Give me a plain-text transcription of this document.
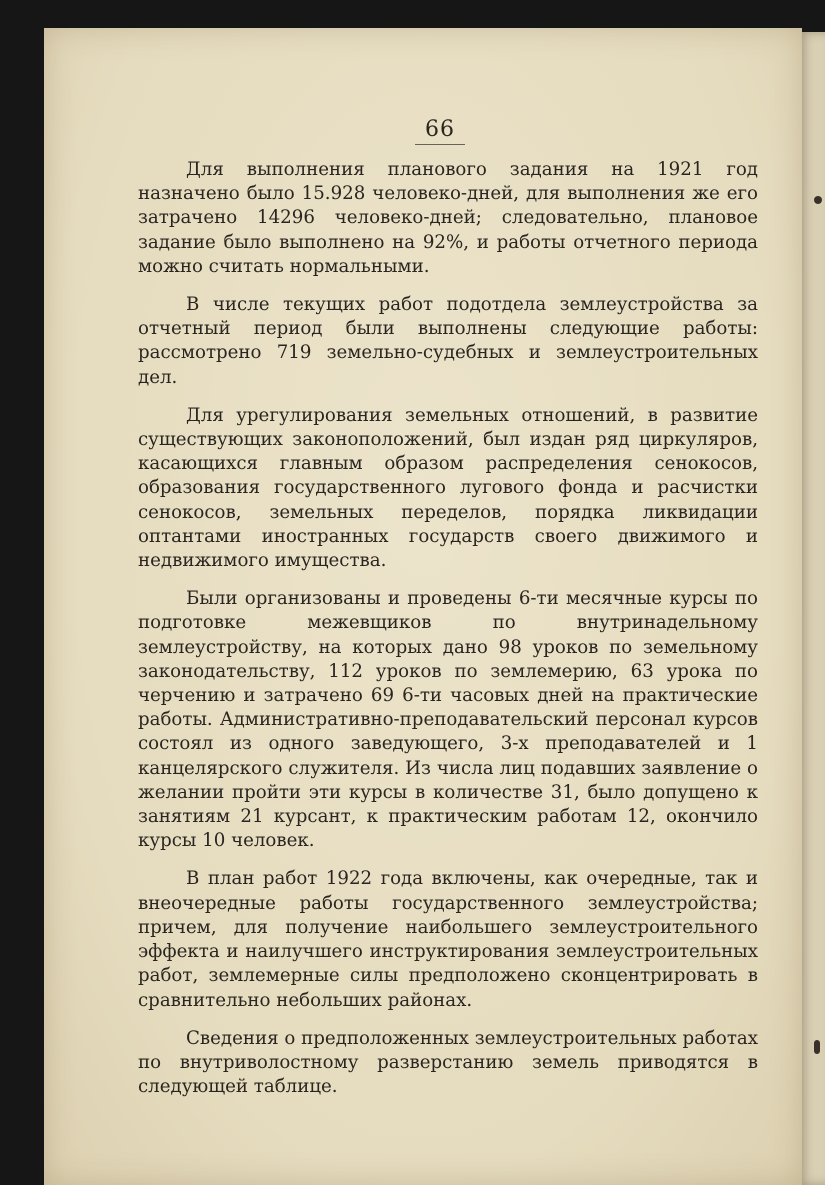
66

Для выполнения планового задания на 1921 год назначено было 15.928 человеко-дней, для выполнения же его затрачено 14296 человеко-дней; следовательно, плановое задание было выполнено на 92%, и работы отчетного периода можно считать нормальными.

В числе текущих работ подотдела землеустройства за отчетный период были выполнены следующие работы: рассмотрено 719 земельно-судебных и землеустроительных дел.

Для урегулирования земельных отношений, в развитие существующих законоположений, был издан ряд циркуляров, касающихся главным образом распределения сенокосов, образования государственного лугового фонда и расчистки сенокосов, земельных переделов, порядка ликвидации оптантами иностранных государств своего движимого и недвижимого имущества.

Были организованы и проведены 6-ти месячные курсы по подготовке межевщиков по внутринадельному землеустройству, на которых дано 98 уроков по земельному законодательству, 112 уроков по землемерию, 63 урока по черчению и затрачено 69 6-ти часовых дней на практические работы. Административно-преподавательский персонал курсов состоял из одного заведующего, 3-х преподавателей и 1 канцелярского служителя. Из числа лиц подавших заявление о желании пройти эти курсы в количестве 31, было допущено к занятиям 21 курсант, к практическим работам 12, окончило курсы 10 человек.

В план работ 1922 года включены, как очередные, так и внеочередные работы государственного землеустройства; причем, для получение наибольшего землеустроительного эффекта и наилучшего инструктирования землеустроительных работ, землемерные силы предположено сконцентрировать в сравнительно небольших районах.

Сведения о предположенных землеустроительных работах по внутриволостному разверстанию земель приводятся в следующей таблице.
